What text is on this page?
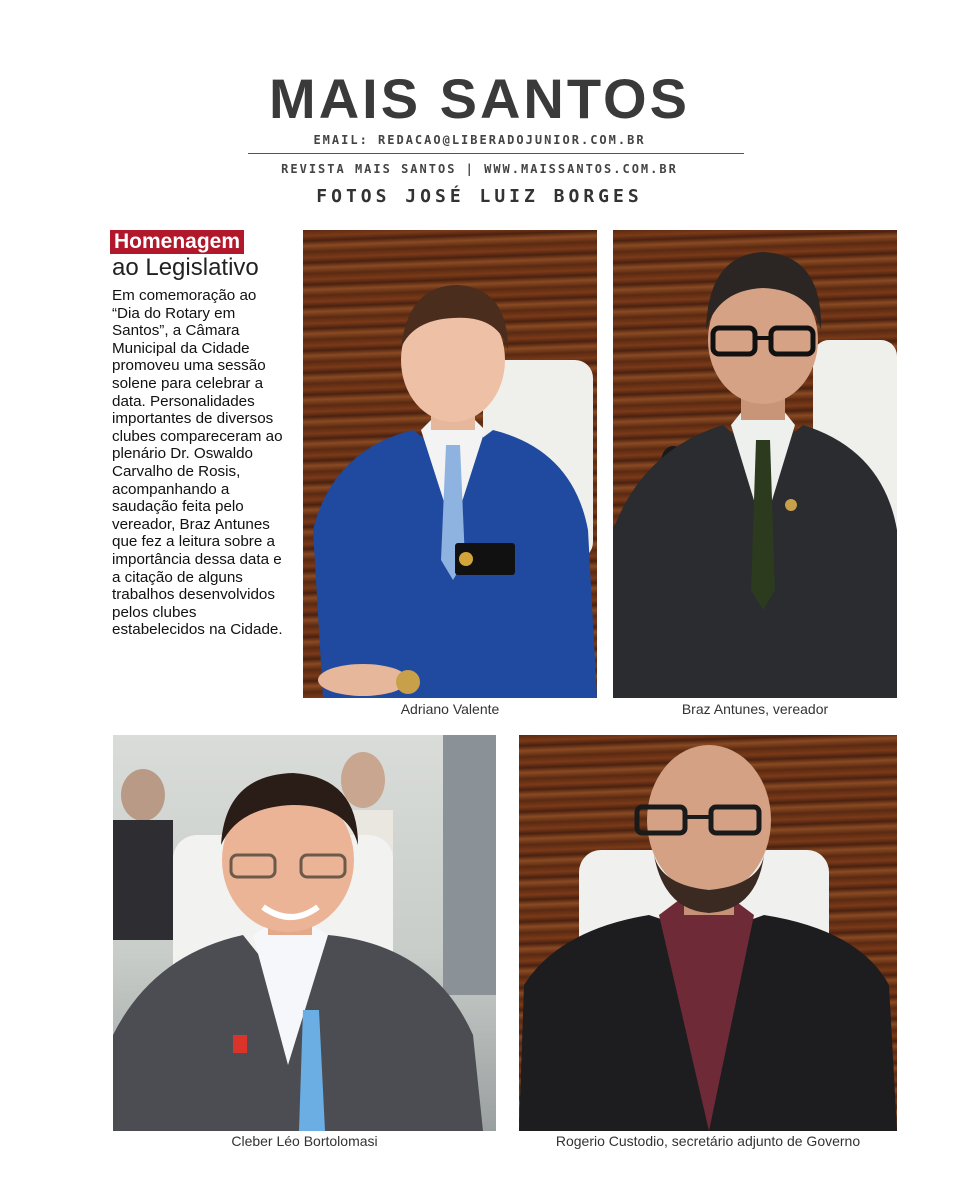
MAIS SANTOS
EMAIL: REDACAO@LIBERADOJUNIOR.COM.BR
REVISTA MAIS SANTOS | WWW.MAISSANTOS.COM.BR
FOTOS JOSÉ LUIZ BORGES
Homenagem
ao Legislativo

Em comemoração ao “Dia do Rotary em Santos”, a Câmara Municipal da Cidade promoveu uma sessão solene para celebrar a data. Personalidades importantes de diversos clubes compareceram ao plenário Dr. Oswaldo Carvalho de Rosis, acompanhando a saudação feita pelo vereador, Braz Antunes que fez a leitura sobre a importância dessa data e a citação de alguns trabalhos desenvolvidos pelos clubes estabelecidos na Cidade.

Adriano Valente	Braz Antunes, vereador
Cleber Léo Bortolomasi	Rogerio Custodio, secretário adjunto de Governo
